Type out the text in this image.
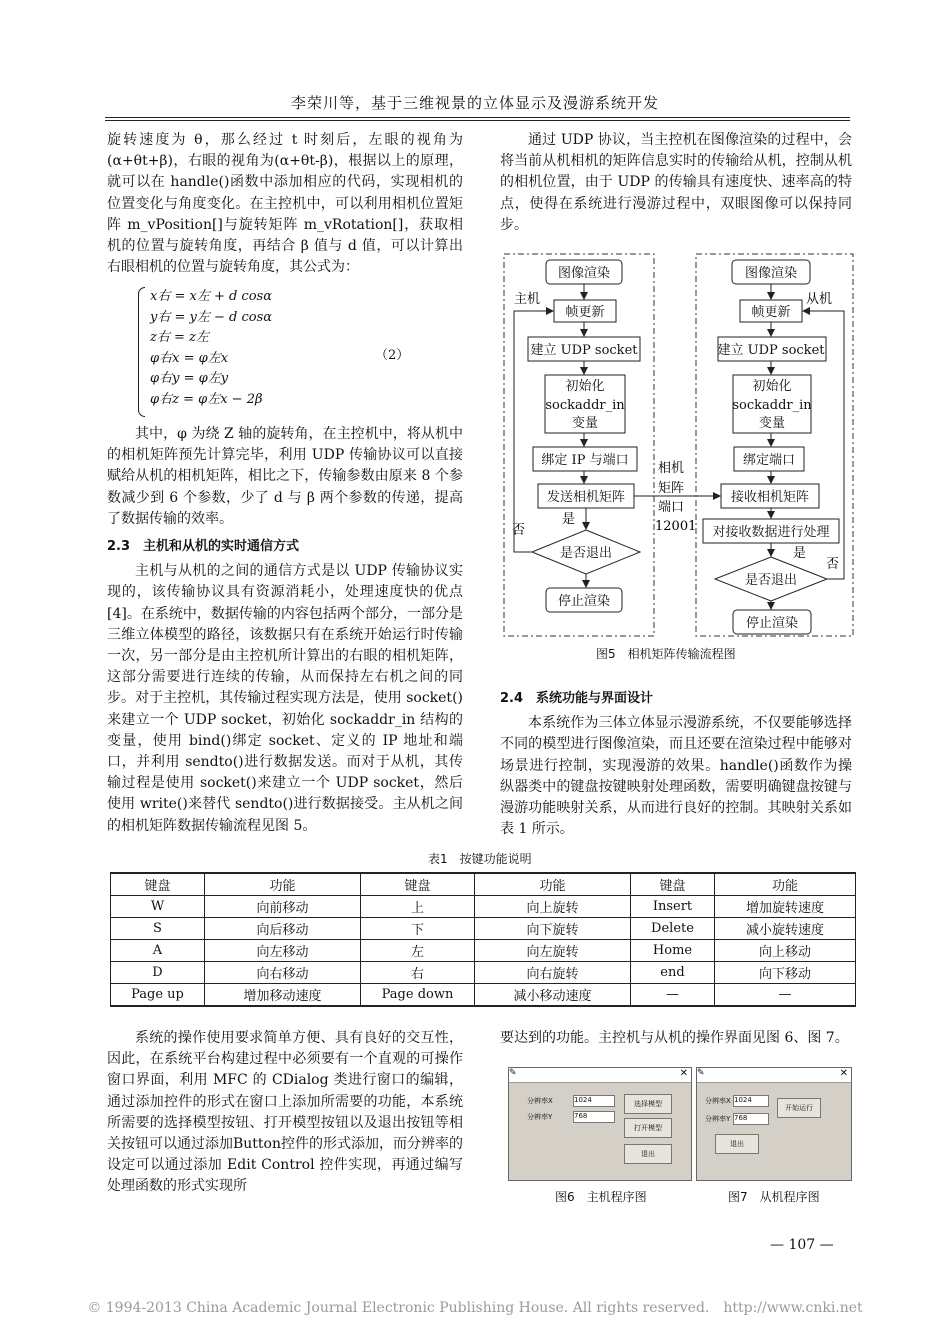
李荣川等，基于三维视景的立体显示及漫游系统开发

旋转速度为 θ，那么经过 t 时刻后，左眼的视角为(α+θt+β)，右眼的视角为(α+θt-β)，根据以上的原理，就可以在 handle()函数中添加相应的代码，实现相机的位置变化与角度变化。在主控机中，可以利用相机位置矩阵 m_vPosition[]与旋转矩阵 m_vRotation[]，获取相机的位置与旋转角度，再结合 β 值与 d 值，可以计算出右眼相机的位置与旋转角度，其公式为：

x右 = x左 + d cosα
y右 = y左 − d cosα
z右 = z左
φ右x = φ左x
φ右y = φ左y
φ右z = φ左x − 2β
（2）

其中，φ 为绕 Z 轴的旋转角，在主控机中，将从机中的相机矩阵预先计算完毕，利用 UDP 传输协议可以直接赋给从机的相机矩阵，相比之下，传输参数由原来 8 个参数减少到 6 个参数，少了 d 与 β 两个参数的传递，提高了数据传输的效率。

2.3　主机和从机的实时通信方式

主机与从机的之间的通信方式是以 UDP 传输协议实现的，该传输协议具有资源消耗小，处理速度快的优点[4]。在系统中，数据传输的内容包括两个部分，一部分是三维立体模型的路径，该数据只有在系统开始运行时传输一次，另一部分是由主控机所计算出的右眼的相机矩阵，这部分需要进行连续的传输，从而保持左右机之间的同步。对于主控机，其传输过程实现方法是，使用 socket()来建立一个 UDP socket，初始化 sockaddr_in 结构的变量，使用 bind()绑定 socket、定义的 IP 地址和端口，并利用 sendto()进行数据发送。而对于从机，其传输过程是使用 socket()来建立一个 UDP socket，然后使用 write()来替代 sendto()进行数据接受。主从机之间的相机矩阵数据传输流程见图 5。

通过 UDP 协议，当主控机在图像渲染的过程中，会将当前从机相机的矩阵信息实时的传输给从机，控制从机的相机位置，由于 UDP 的传输具有速度快、速率高的特点，使得在系统进行漫游过程中，双眼图像可以保持同步。

图像渲染
帧更新
建立 UDP socket
初始化
sockaddr_in
变量
绑定 IP 与端口
发送相机矩阵
是否退出
停止渲染
主机
是
否
相机
矩阵
端口
12001
图像渲染
帧更新
建立 UDP socket
初始化
sockaddr_in
变量
绑定端口
接收相机矩阵
对接收数据进行处理
是否退出
停止渲染
从机
是
否
图5　相机矩阵传输流程图

2.4　系统功能与界面设计

本系统作为三体立体显示漫游系统，不仅要能够选择不同的模型进行图像渲染，而且还要在渲染过程中能够对场景进行控制，实现漫游的效果。handle()函数作为操纵器类中的键盘按键映射处理函数，需要明确键盘按键与漫游功能映射关系，从而进行良好的控制。其映射关系如表 1 所示。

表1　按键功能说明
键盘	功能	键盘	功能	键盘	功能
W	向前移动	上	向上旋转	Insert	增加旋转速度
S	向后移动	下	向下旋转	Delete	减小旋转速度
A	向左移动	左	向左旋转	Home	向上移动
D	向右移动	右	向右旋转	end	向下移动
Page up	增加移动速度	Page down	减小移动速度	—	—

系统的操作使用要求简单方便、具有良好的交互性，因此，在系统平台构建过程中必须要有一个直观的可操作窗口界面，利用 MFC 的 CDialog 类进行窗口的编辑，通过添加控件的形式在窗口上添加所需要的功能，本系统所需要的选择模型按钮、打开模型按钮以及退出按钮等相关按钮可以通过添加Button控件的形式添加，而分辨率的设定可以通过添加 Edit Control 控件实现，再通过编写处理函数的形式实现所

要达到的功能。主控机与从机的操作界面见图 6、图 7。

✎	✕
分辨率X	1024
分辨率Y	768
选择模型
打开模型
退出
✎	✕
分辨率X 1024
分辨率Y 768
开始运行
退出
图6　主机程序图	图7　从机程序图
— 107 —
© 1994-2013 China Academic Journal Electronic Publishing House. All rights reserved.　http://www.cnki.net
